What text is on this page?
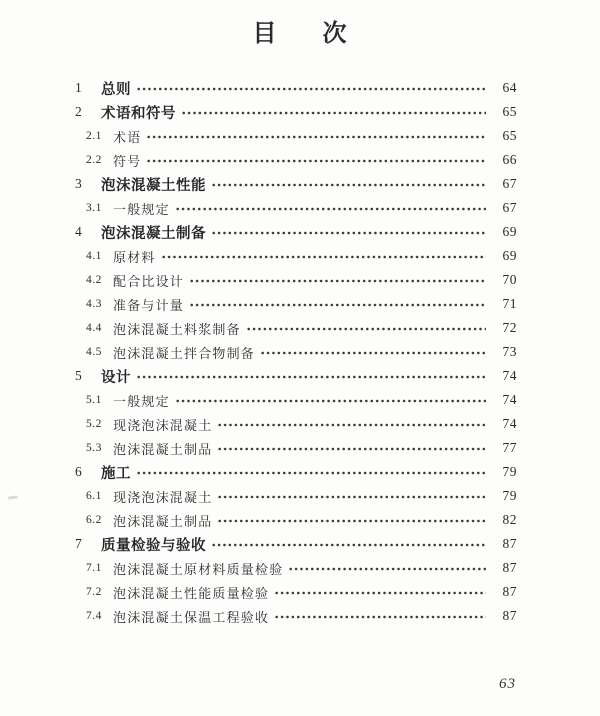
目 次
1	总则	64
2	术语和符号	65
2.1 术语	65
2.2 符号	66
3	泡沫混凝土性能	67
3.1 一般规定	67
4	泡沫混凝土制备	69
4.1 原材料	69
4.2 配合比设计	70
4.3 准备与计量	71
4.4 泡沫混凝土料浆制备	72
4.5 泡沫混凝土拌合物制备	73
5	设计	74
5.1 一般规定	74
5.2 现浇泡沫混凝土	74
5.3 泡沫混凝土制品	77
6	施工	79
6.1 现浇泡沫混凝土	79
6.2 泡沫混凝土制品	82
7	质量检验与验收	87
7.1 泡沫混凝土原材料质量检验	87
7.2 泡沫混凝土性能质量检验	87
7.4 泡沫混凝土保温工程验收	87
63
